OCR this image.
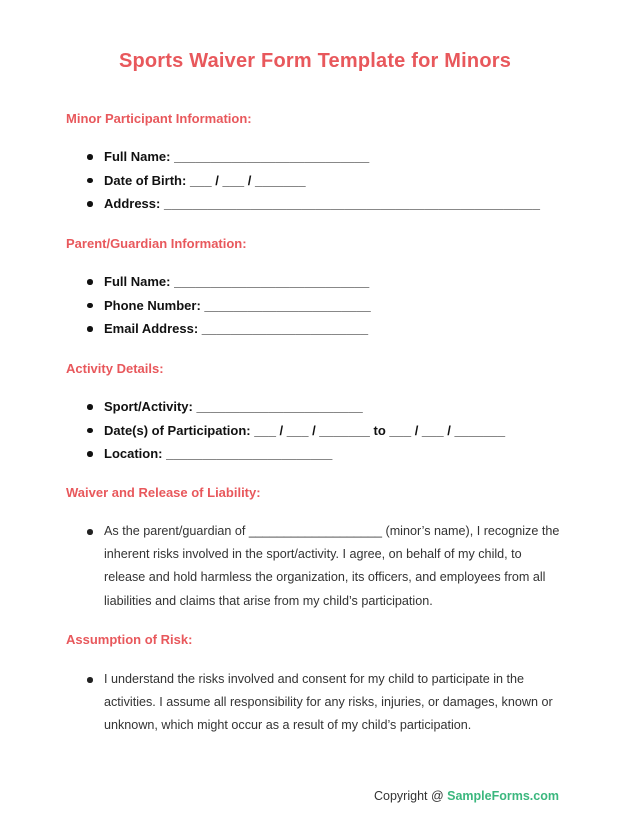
Sports Waiver Form Template for Minors
Minor Participant Information:
Full Name: ___________________________
Date of Birth: ___ / ___ / _______
Address: ____________________________________________________
Parent/Guardian Information:
Full Name: ___________________________
Phone Number: _______________________
Email Address: _______________________
Activity Details:
Sport/Activity: _______________________
Date(s) of Participation: ___ / ___ / _______ to ___ / ___ / _______
Location: _______________________
Waiver and Release of Liability:
As the parent/guardian of ___________________ (minor’s name), I recognize the inherent risks involved in the sport/activity. I agree, on behalf of my child, to release and hold harmless the organization, its officers, and employees from all liabilities and claims that arise from my child’s participation.
Assumption of Risk:
I understand the risks involved and consent for my child to participate in the activities. I assume all responsibility for any risks, injuries, or damages, known or unknown, which might occur as a result of my child’s participation.
Copyright @ SampleForms.com
